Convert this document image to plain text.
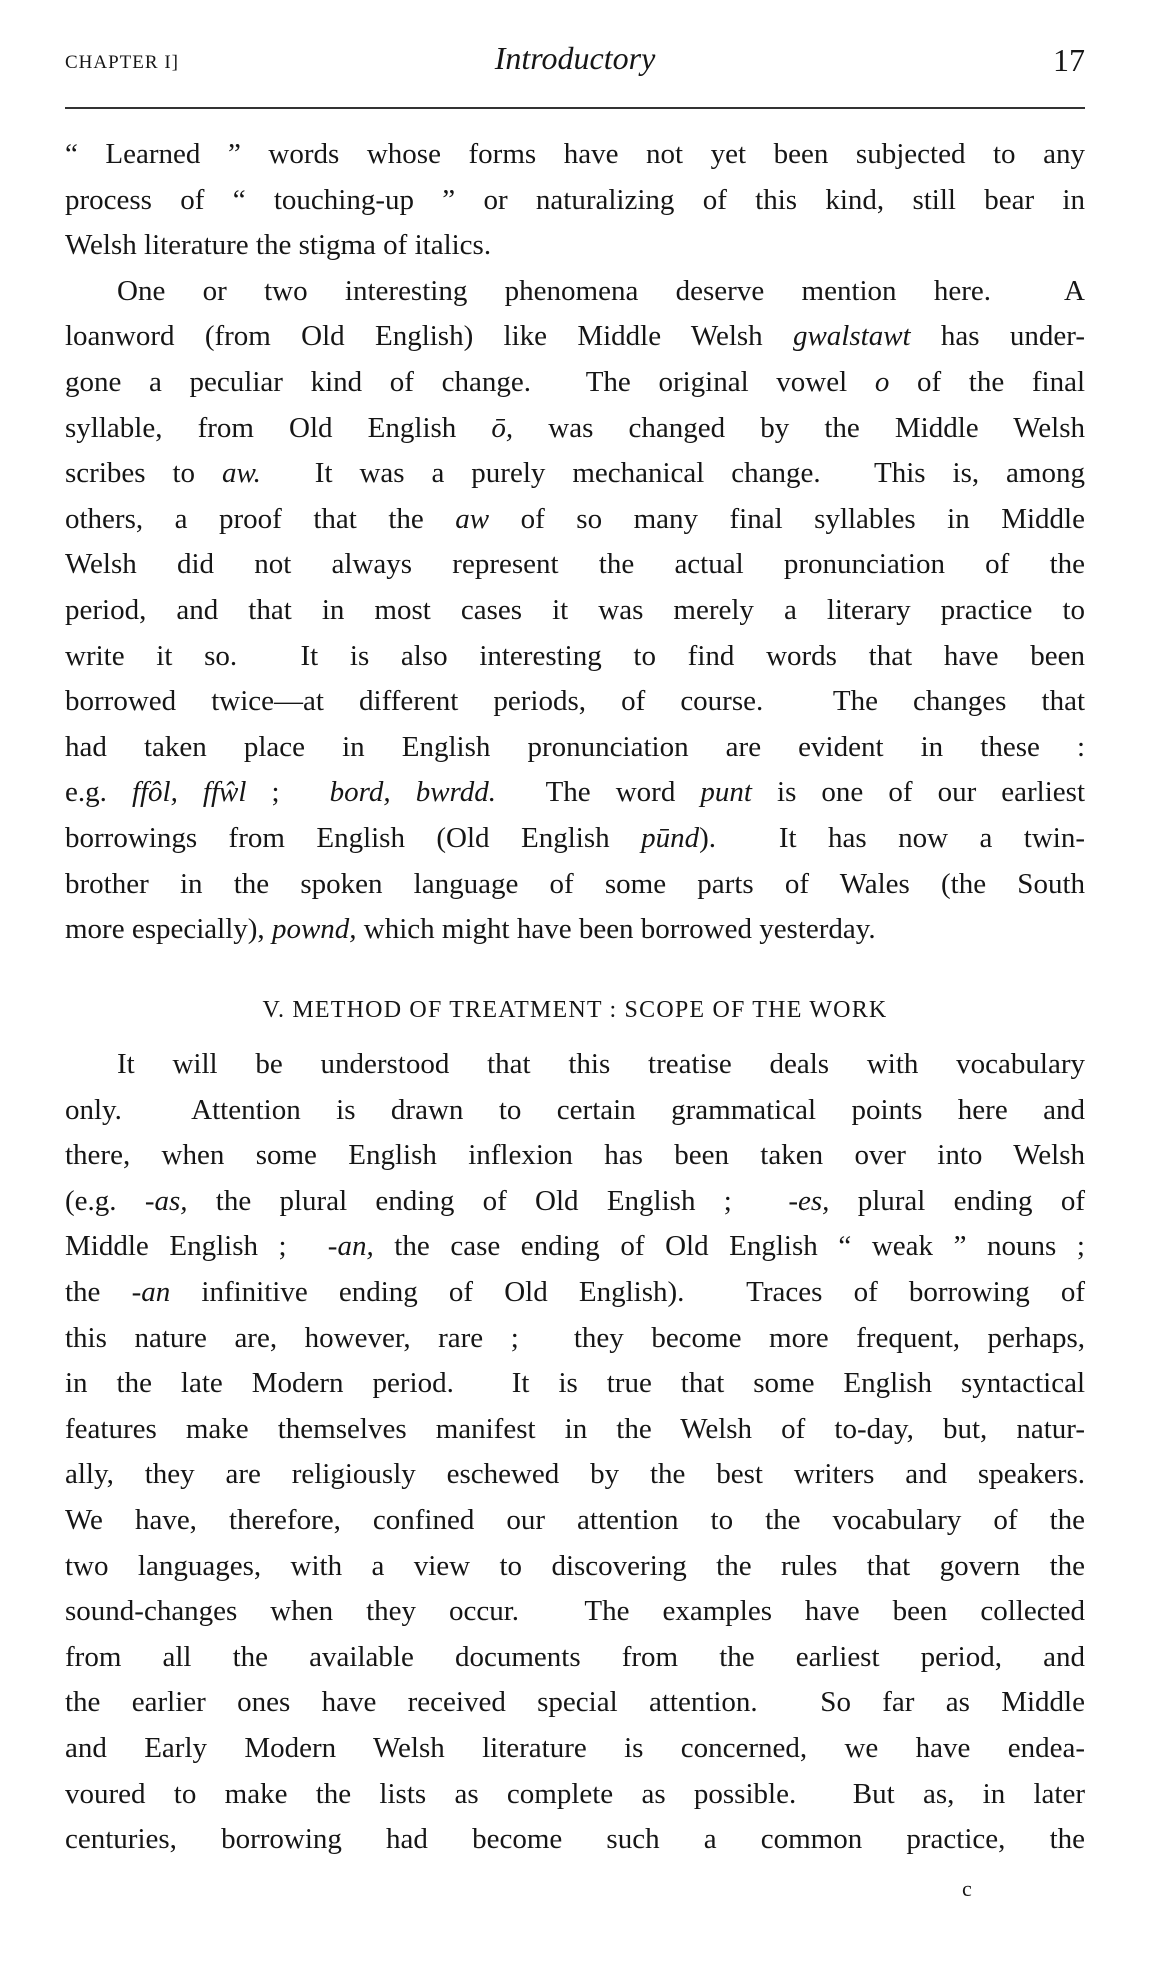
CHAPTER I]	Introductory	17
“ Learned ” words whose forms have not yet been subjected to any
process of “ touching-up ” or naturalizing of this kind, still bear in
Welsh literature the stigma of italics.
One or two interesting phenomena deserve mention here.  A
loanword (from Old English) like Middle Welsh gwalstawt has under-
gone a peculiar kind of change.  The original vowel o of the final
syllable, from Old English ō, was changed by the Middle Welsh
scribes to aw.  It was a purely mechanical change.  This is, among
others, a proof that the aw of so many final syllables in Middle
Welsh did not always represent the actual pronunciation of the
period, and that in most cases it was merely a literary practice to
write it so.  It is also interesting to find words that have been
borrowed twice—at different periods, of course.  The changes that
had taken place in English pronunciation are evident in these :
e.g. ffôl, ffŵl ;  bord, bwrdd.  The word punt is one of our earliest
borrowings from English (Old English pūnd).  It has now a twin-
brother in the spoken language of some parts of Wales (the South
more especially), pownd, which might have been borrowed yesterday.
V. METHOD OF TREATMENT : SCOPE OF THE WORK
It will be understood that this treatise deals with vocabulary
only.  Attention is drawn to certain grammatical points here and
there, when some English inflexion has been taken over into Welsh
(e.g. -as, the plural ending of Old English ;  -es, plural ending of
Middle English ;  -an, the case ending of Old English “ weak ” nouns ;
the -an infinitive ending of Old English).  Traces of borrowing of
this nature are, however, rare ;  they become more frequent, perhaps,
in the late Modern period.  It is true that some English syntactical
features make themselves manifest in the Welsh of to-day, but, natur-
ally, they are religiously eschewed by the best writers and speakers.
We have, therefore, confined our attention to the vocabulary of the
two languages, with a view to discovering the rules that govern the
sound-changes when they occur.  The examples have been collected
from all the available documents from the earliest period, and
the earlier ones have received special attention.  So far as Middle
and Early Modern Welsh literature is concerned, we have endea-
voured to make the lists as complete as possible.  But as, in later
centuries, borrowing had become such a common practice, the
c
